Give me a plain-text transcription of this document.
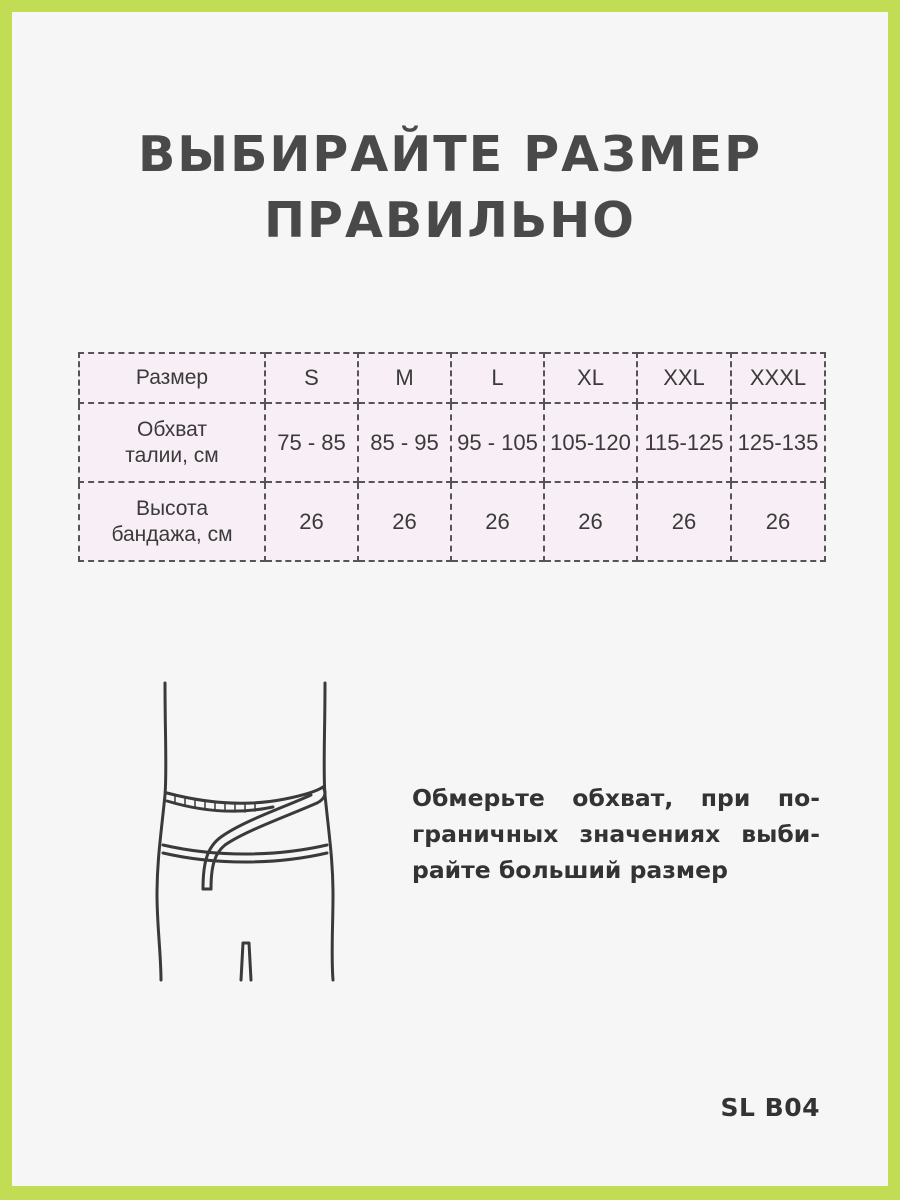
ВЫБИРАЙТЕ РАЗМЕР
ПРАВИЛЬНО
Размер	S	M	L	XL	XXL	XXXL
Обхват
талии, см	75 - 85	85 - 95	95 - 105	105-120	115-125	125-135
Высота
бандажа, см	26	26	26	26	26	26
Обмерьте обхват, при по-граничных значениях выби-райте больший размер
SL B04
